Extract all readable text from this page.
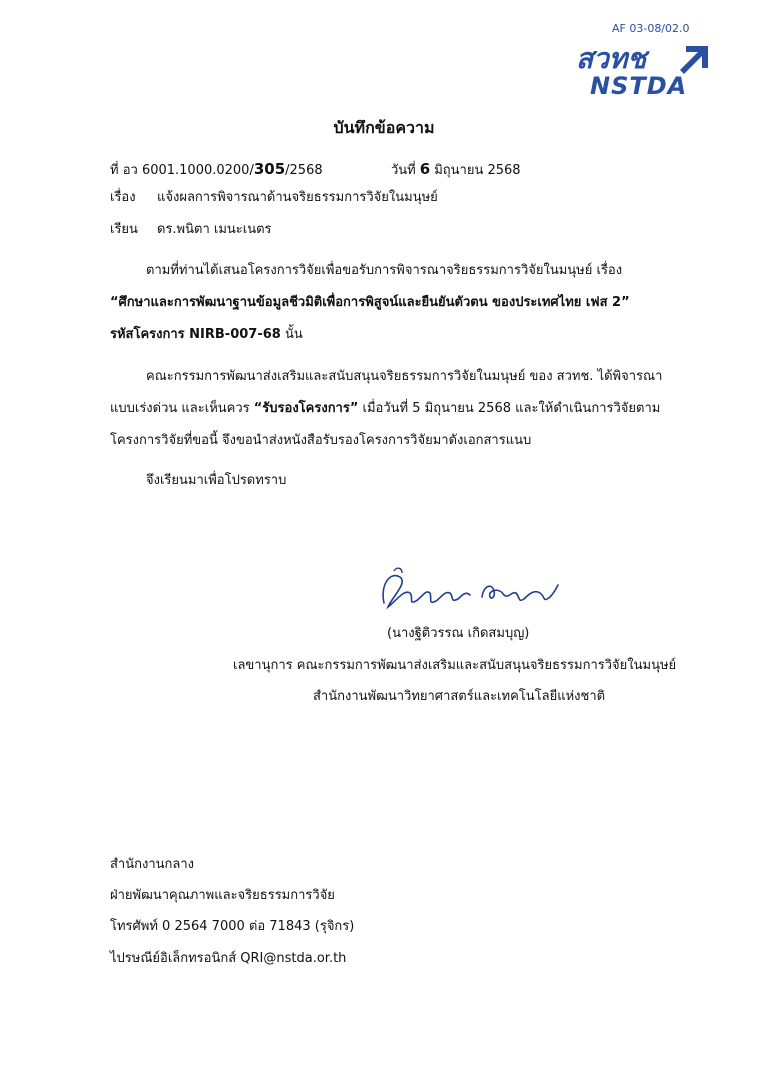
AF 03-08/02.0
สวทช
NSTDA
บันทึกข้อความ
ที่ อว 6001.1000.0200/305/2568	วันที่ 6 มิถุนายน 2568
เรื่อง แจ้งผลการพิจารณาด้านจริยธรรมการวิจัยในมนุษย์
เรียน ดร.พนิตา เมนะเนตร
ตามที่ท่านได้เสนอโครงการวิจัยเพื่อขอรับการพิจารณาจริยธรรมการวิจัยในมนุษย์ เรื่อง
“ศึกษาและการพัฒนาฐานข้อมูลชีวมิติเพื่อการพิสูจน์และยืนยันตัวตน ของประเทศไทย เฟส 2”
รหัสโครงการ NIRB-007-68 นั้น
คณะกรรมการพัฒนาส่งเสริมและสนับสนุนจริยธรรมการวิจัยในมนุษย์ ของ สวทช. ได้พิจารณา
แบบเร่งด่วน และเห็นควร “รับรองโครงการ” เมื่อวันที่ 5 มิถุนายน 2568 และให้ดำเนินการวิจัยตาม
โครงการวิจัยที่ขอนี้ จึงขอนำส่งหนังสือรับรองโครงการวิจัยมาดังเอกสารแนบ
จึงเรียนมาเพื่อโปรดทราบ
(นางฐิติวรรณ เกิดสมบุญ)
เลขานุการ คณะกรรมการพัฒนาส่งเสริมและสนับสนุนจริยธรรมการวิจัยในมนุษย์
สำนักงานพัฒนาวิทยาศาสตร์และเทคโนโลยีแห่งชาติ
สำนักงานกลาง
ฝ่ายพัฒนาคุณภาพและจริยธรรมการวิจัย
โทรศัพท์ 0 2564 7000 ต่อ 71843 (รุจิกร)
ไปรษณีย์อิเล็กทรอนิกส์ QRI@nstda.or.th
